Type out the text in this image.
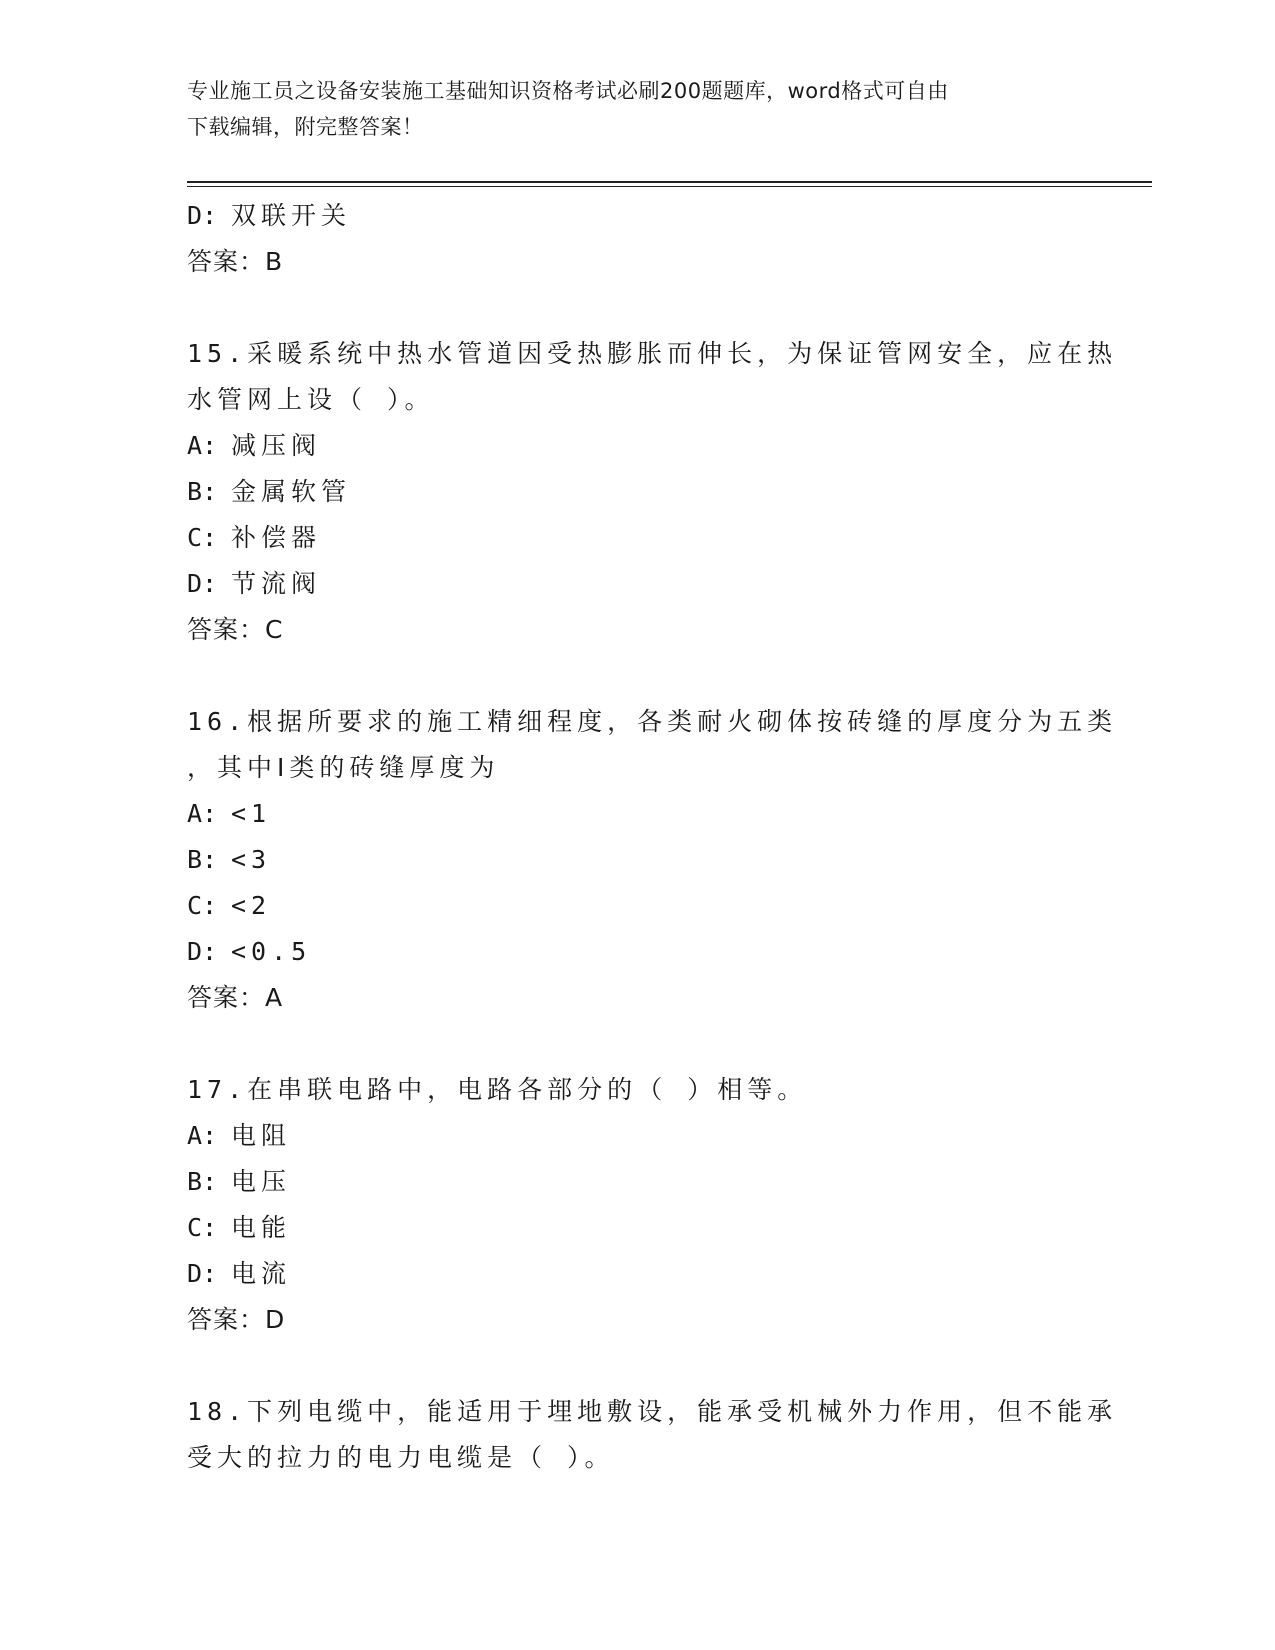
专业施工员之设备安装施工基础知识资格考试必刷200题题库，word格式可自由
下载编辑，附完整答案！
D: 双联开关
答案：B
15.采暖系统中热水管道因受热膨胀而伸长，为保证管网安全，应在热
水管网上设（ ）。
A: 减压阀
B: 金属软管
C: 补偿器
D: 节流阀
答案：C
16.根据所要求的施工精细程度，各类耐火砌体按砖缝的厚度分为五类
，其中Ⅰ类的砖缝厚度为
A: <1
B: <3
C: <2
D: <0.5
答案：A
17.在串联电路中，电路各部分的（ ）相等。
A: 电阻
B: 电压
C: 电能
D: 电流
答案：D
18.下列电缆中，能适用于埋地敷设，能承受机械外力作用，但不能承
受大的拉力的电力电缆是（ ）。
